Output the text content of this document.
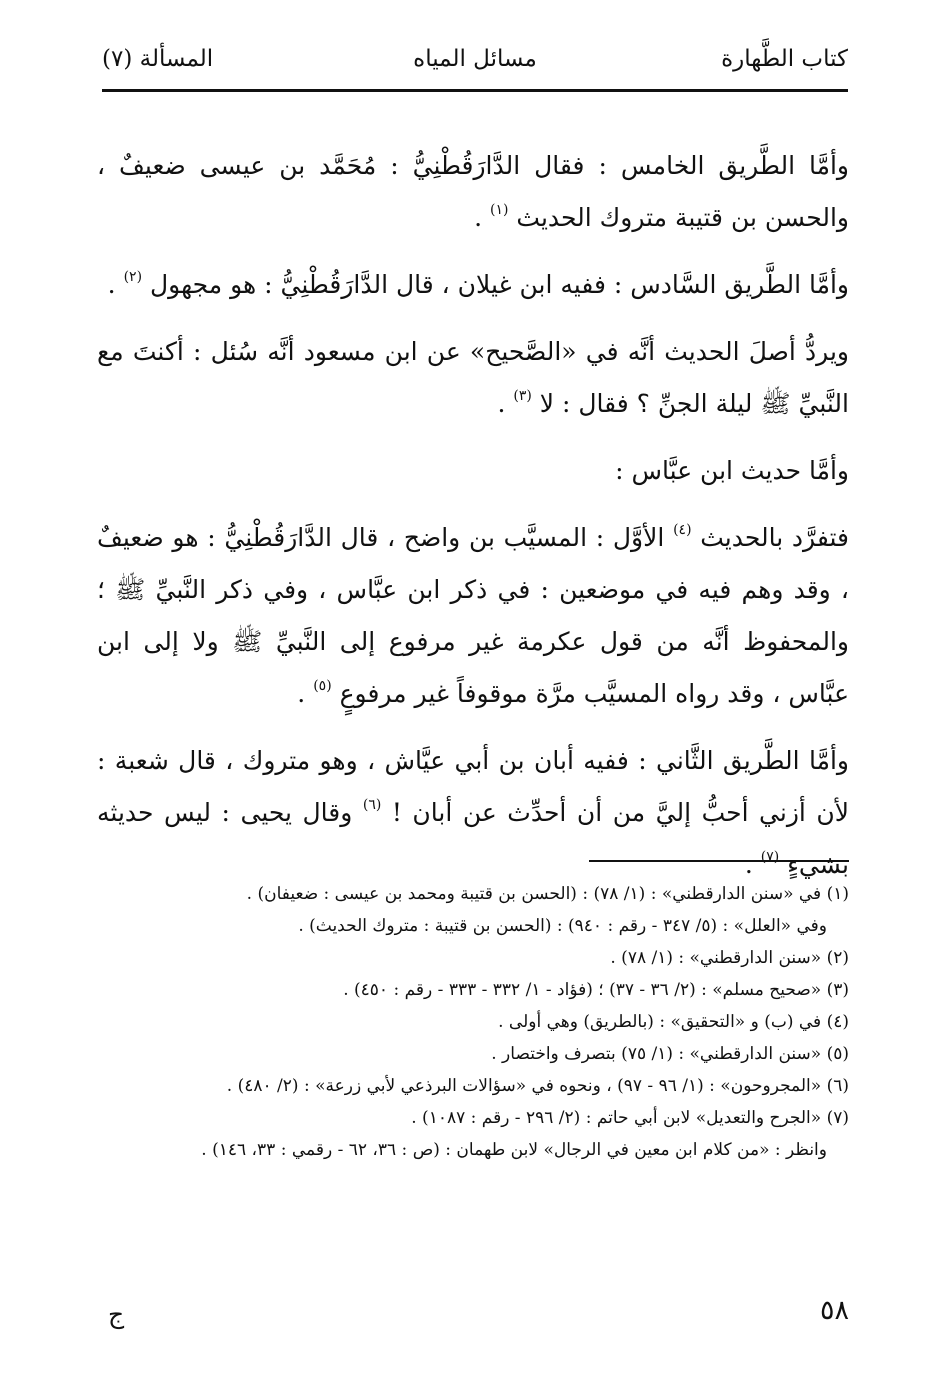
كتاب الطَّهارة
مسائل المياه
المسألة (٧)

وأمَّا الطَّريق الخامس : فقال الدَّارَقُطْنِيُّ : مُحَمَّد بن عيسى ضعيفٌ ، والحسن بن قتيبة متروك الحديث $^{(١)}$ .

وأمَّا الطَّريق السَّادس : ففيه ابن غيلان ، قال الدَّارَقُطْنِيُّ : هو مجهول $^{(٢)}$ .

ويردُّ أصلَ الحديث أنَّه في «الصَّحيح» عن ابن مسعود أنَّه سُئل : أكنتَ مع النَّبيِّ ﷺ ليلة الجنِّ ؟ فقال : لا $^{(٣)}$ .

وأمَّا حديث ابن عبَّاس :

فتفرَّد بالحديث $^{(٤)}$ الأوَّل : المسيَّب بن واضح ، قال الدَّارَقُطْنِيُّ : هو ضعيفٌ ، وقد وهم فيه في موضعين : في ذكر ابن عبَّاس ، وفي ذكر النَّبيِّ ﷺ ؛ والمحفوظ أنَّه من قول عكرمة غير مرفوع إلى النَّبيِّ ﷺ ولا إلى ابن عبَّاس ، وقد رواه المسيَّب مرَّة موقوفاً غير مرفوعٍ $^{(٥)}$ .

وأمَّا الطَّريق الثَّاني : ففيه أبان بن أبي عيَّاش ، وهو متروك ، قال شعبة : لأن أزني أحبُّ إليَّ من أن أحدِّث عن أبان ! $^{(٦)}$ وقال يحيى : ليس حديثه بشيءٍ $^{(٧)}$ .

(١) في «سنن الدارقطني» : (١/ ٧٨) : (الحسن بن قتيبة ومحمد بن عيسى : ضعيفان) .

وفي «العلل» : (٥/ ٣٤٧ - رقم : ٩٤٠) : (الحسن بن قتيبة : متروك الحديث) .

(٢) «سنن الدارقطني» : (١/ ٧٨) .

(٣) «صحيح مسلم» : (٢/ ٣٦ - ٣٧) ؛ (فؤاد - ١/ ٣٣٢ - ٣٣٣ - رقم : ٤٥٠) .

(٤) في (ب) و «التحقيق» : (بالطريق) وهي أولى .

(٥) «سنن الدارقطني» : (١/ ٧٥) بتصرف واختصار .

(٦) «المجروحون» : (١/ ٩٦ - ٩٧) ، ونحوه في «سؤالات البرذعي لأبي زرعة» : (٢/ ٤٨٠) .

(٧) «الجرح والتعديل» لابن أبي حاتم : (٢/ ٢٩٦ - رقم : ١٠٨٧) .

وانظر : «من كلام ابن معين في الرجال» لابن طهمان : (ص : ٣٦، ٦٢ - رقمي : ٣٣، ١٤٦) .

٥٨
ج
